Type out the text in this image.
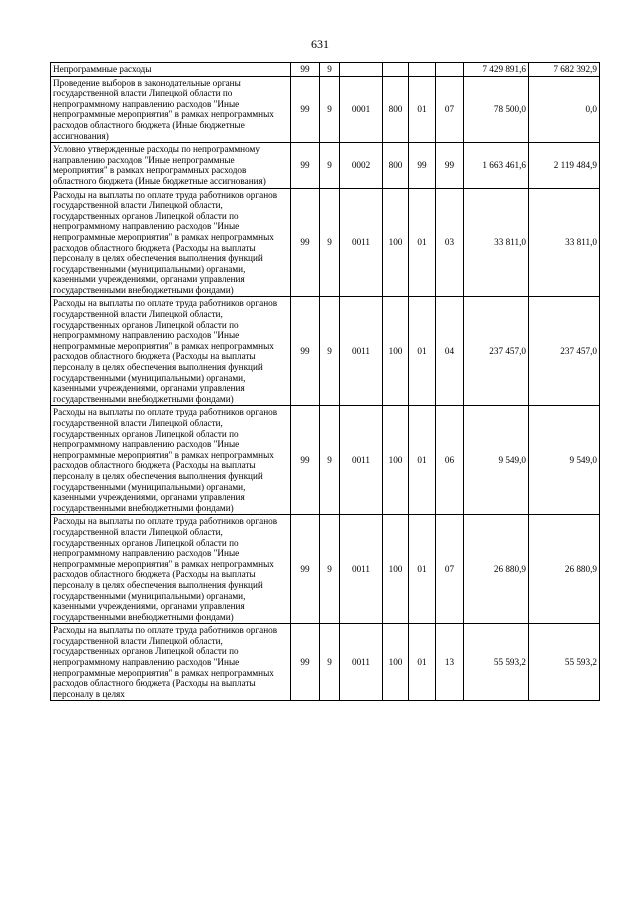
631
Непрограммные расходы	99	9					7 429 891,6	7 682 392,9
Проведение выборов в законодательные органы государственной власти Липецкой области по непрограммному направлению расходов "Иные непрограммные мероприятия" в рамках непрограммных расходов областного бюджета (Иные бюджетные ассигнования)	99	9	0001	800	01	07	78 500,0	0,0
Условно утвержденные расходы по непрограммному направлению расходов "Иные непрограммные мероприятия" в рамках непрограммных расходов областного бюджета (Иные бюджетные ассигнования)	99	9	0002	800	99	99	1 663 461,6	2 119 484,9
Расходы на выплаты по оплате труда работников органов государственной власти Липецкой области, государственных органов Липецкой области по непрограммному направлению расходов "Иные непрограммные мероприятия" в рамках непрограммных расходов областного бюджета (Расходы на выплаты персоналу в целях обеспечения выполнения функций государственными (муниципальными) органами, казенными учреждениями, органами управления государственными внебюджетными фондами)	99	9	0011	100	01	03	33 811,0	33 811,0
Расходы на выплаты по оплате труда работников органов государственной власти Липецкой области, государственных органов Липецкой области по непрограммному направлению расходов "Иные непрограммные мероприятия" в рамках непрограммных расходов областного бюджета (Расходы на выплаты персоналу в целях обеспечения выполнения функций государственными (муниципальными) органами, казенными учреждениями, органами управления государственными внебюджетными фондами)	99	9	0011	100	01	04	237 457,0	237 457,0
Расходы на выплаты по оплате труда работников органов государственной власти Липецкой области, государственных органов Липецкой области по непрограммному направлению расходов "Иные непрограммные мероприятия" в рамках непрограммных расходов областного бюджета (Расходы на выплаты персоналу в целях обеспечения выполнения функций государственными (муниципальными) органами, казенными учреждениями, органами управления государственными внебюджетными фондами)	99	9	0011	100	01	06	9 549,0	9 549,0
Расходы на выплаты по оплате труда работников органов государственной власти Липецкой области, государственных органов Липецкой области по непрограммному направлению расходов "Иные непрограммные мероприятия" в рамках непрограммных расходов областного бюджета (Расходы на выплаты персоналу в целях обеспечения выполнения функций государственными (муниципальными) органами, казенными учреждениями, органами управления государственными внебюджетными фондами)	99	9	0011	100	01	07	26 880,9	26 880,9
Расходы на выплаты по оплате труда работников органов государственной власти Липецкой области, государственных органов Липецкой области по непрограммному направлению расходов "Иные непрограммные мероприятия" в рамках непрограммных расходов областного бюджета (Расходы на выплаты персоналу в целях	99	9	0011	100	01	13	55 593,2	55 593,2
